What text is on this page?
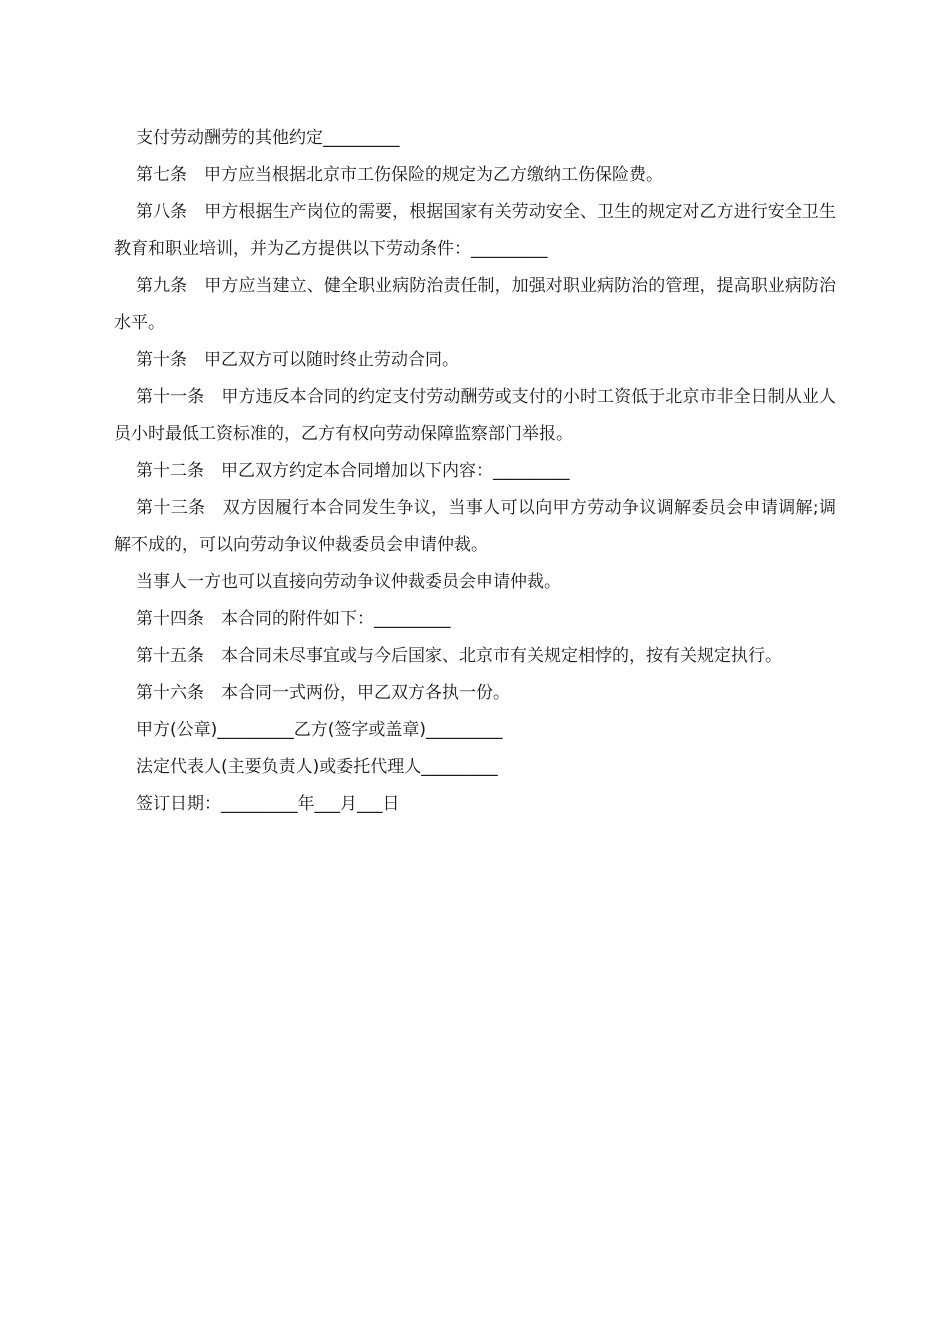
支付劳动酬劳的其他约定_________

第七条　甲方应当根据北京市工伤保险的规定为乙方缴纳工伤保险费。

第八条　甲方根据生产岗位的需要，根据国家有关劳动安全、卫生的规定对乙方进行安全卫生教育和职业培训，并为乙方提供以下劳动条件：_________

第九条　甲方应当建立、健全职业病防治责任制，加强对职业病防治的管理，提高职业病防治水平。

第十条　甲乙双方可以随时终止劳动合同。

第十一条　甲方违反本合同的约定支付劳动酬劳或支付的小时工资低于北京市非全日制从业人员小时最低工资标准的，乙方有权向劳动保障监察部门举报。

第十二条　甲乙双方约定本合同增加以下内容：_________

第十三条　双方因履行本合同发生争议，当事人可以向甲方劳动争议调解委员会申请调解;调解不成的，可以向劳动争议仲裁委员会申请仲裁。

当事人一方也可以直接向劳动争议仲裁委员会申请仲裁。

第十四条　本合同的附件如下：_________

第十五条　本合同未尽事宜或与今后国家、北京市有关规定相悖的，按有关规定执行。

第十六条　本合同一式两份，甲乙双方各执一份。

甲方(公章)_________乙方(签字或盖章)_________

法定代表人(主要负责人)或委托代理人_________

签订日期：_________年___月___日
